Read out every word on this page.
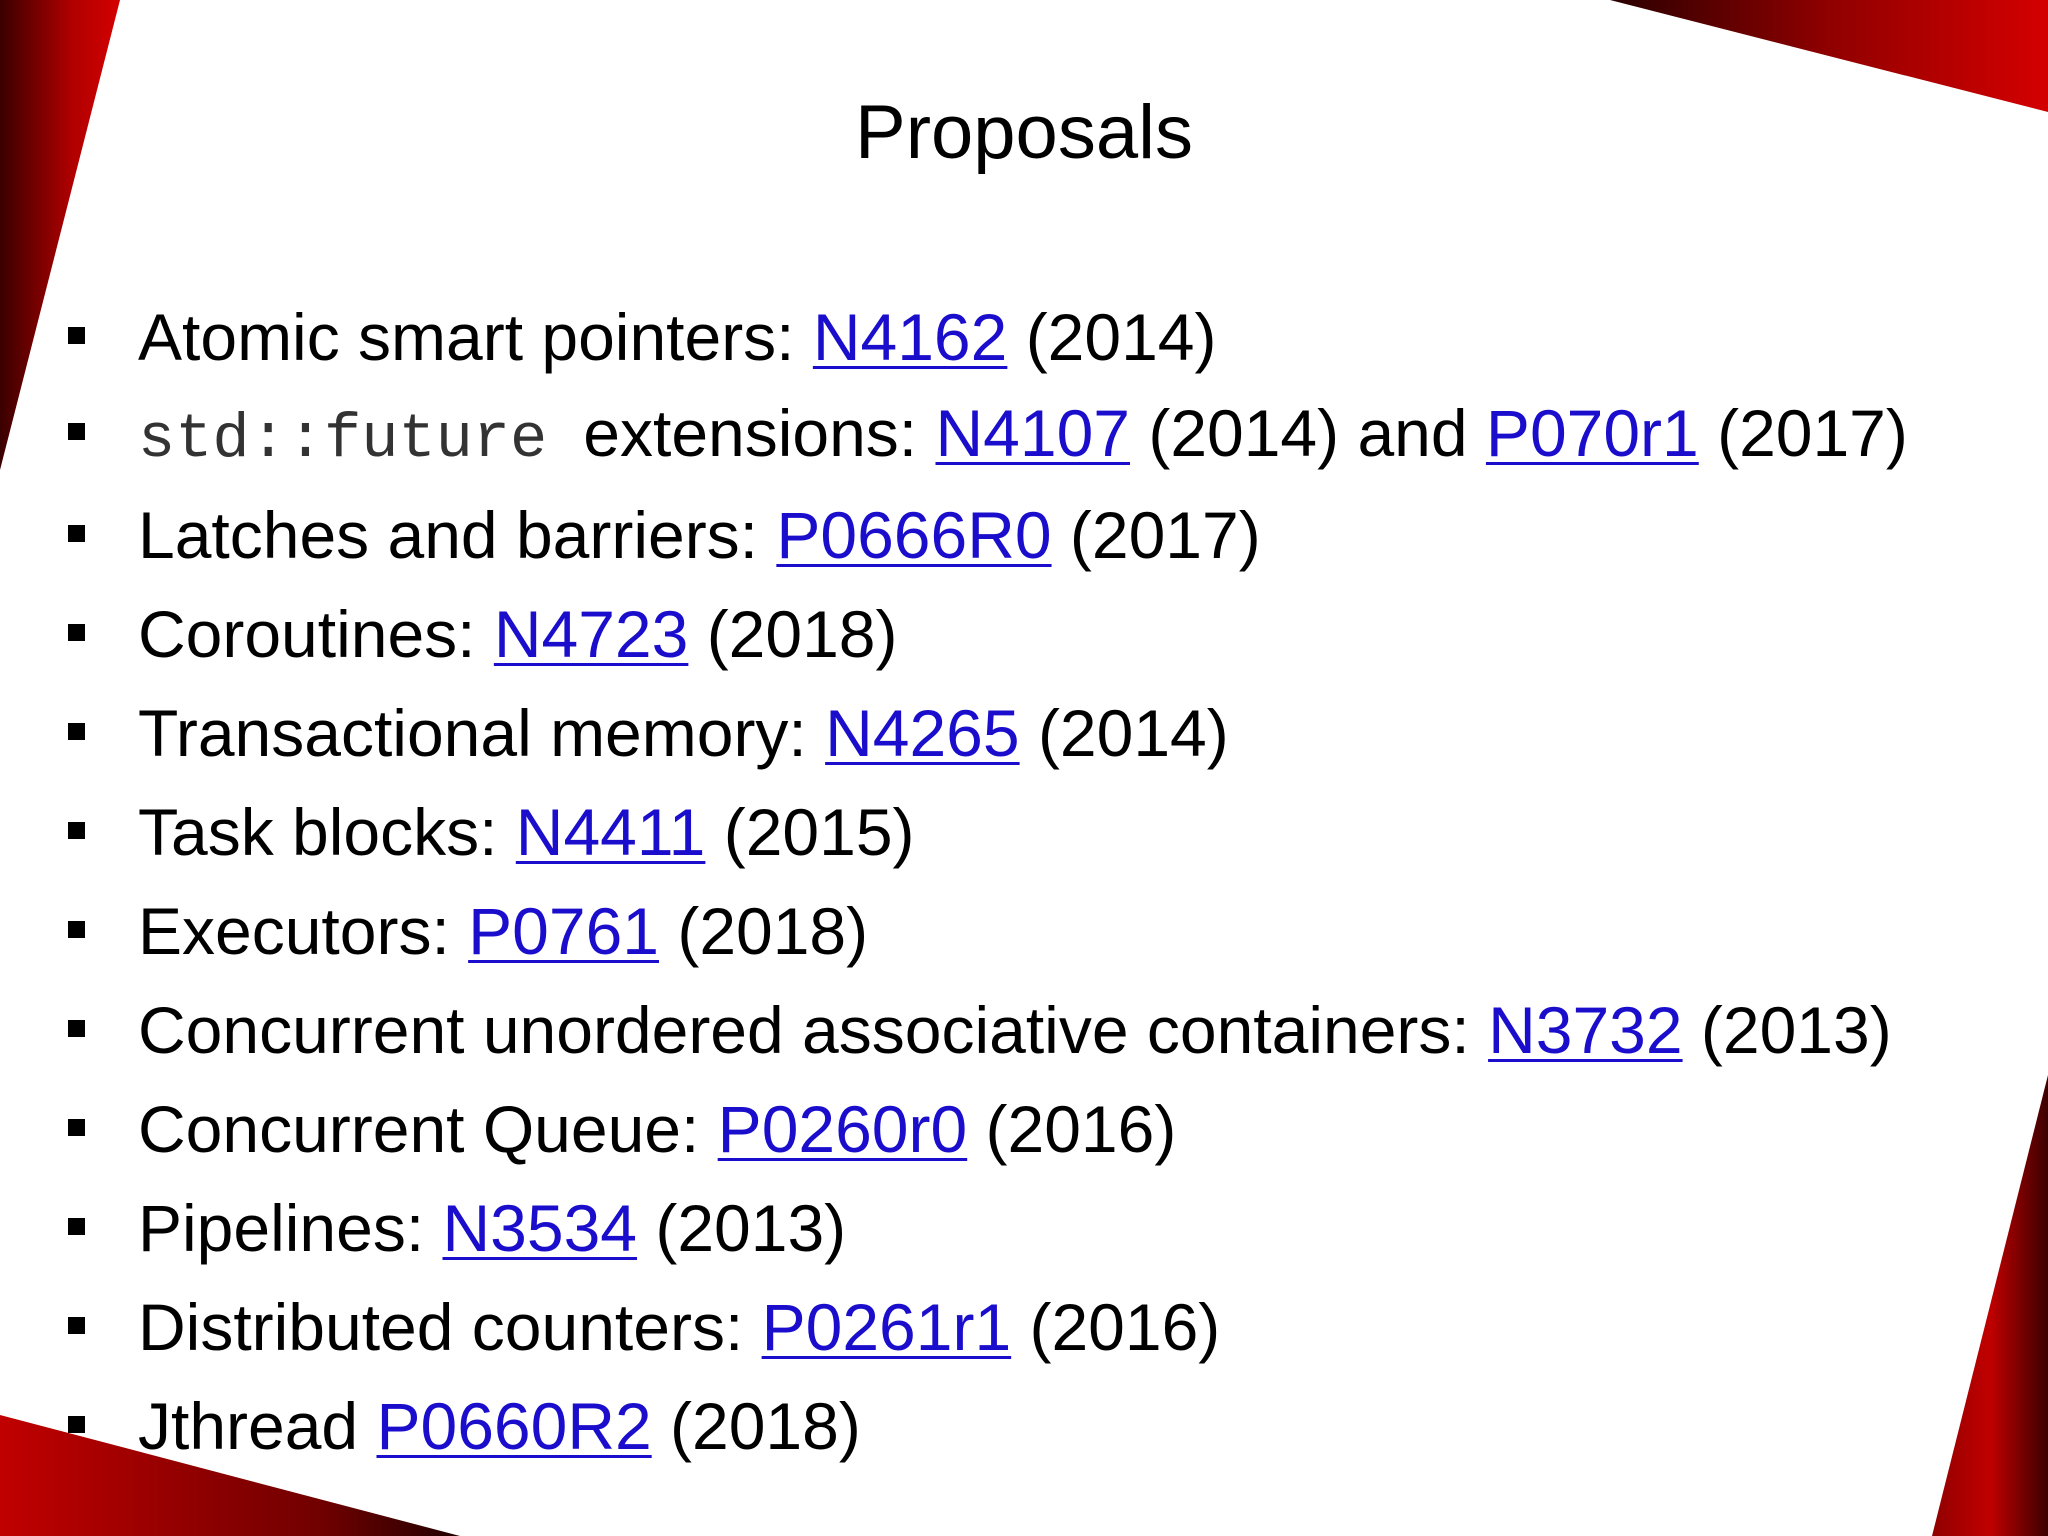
Proposals
Atomic smart pointers: N4162 (2014)
std::future extensions: N4107 (2014) and P070r1 (2017)
Latches and barriers: P0666R0 (2017)
Coroutines: N4723 (2018)
Transactional memory: N4265 (2014)
Task blocks: N4411 (2015)
Executors: P0761 (2018)
Concurrent unordered associative containers: N3732 (2013)
Concurrent Queue: P0260r0 (2016)
Pipelines: N3534 (2013)
Distributed counters: P0261r1 (2016)
Jthread P0660R2 (2018)
